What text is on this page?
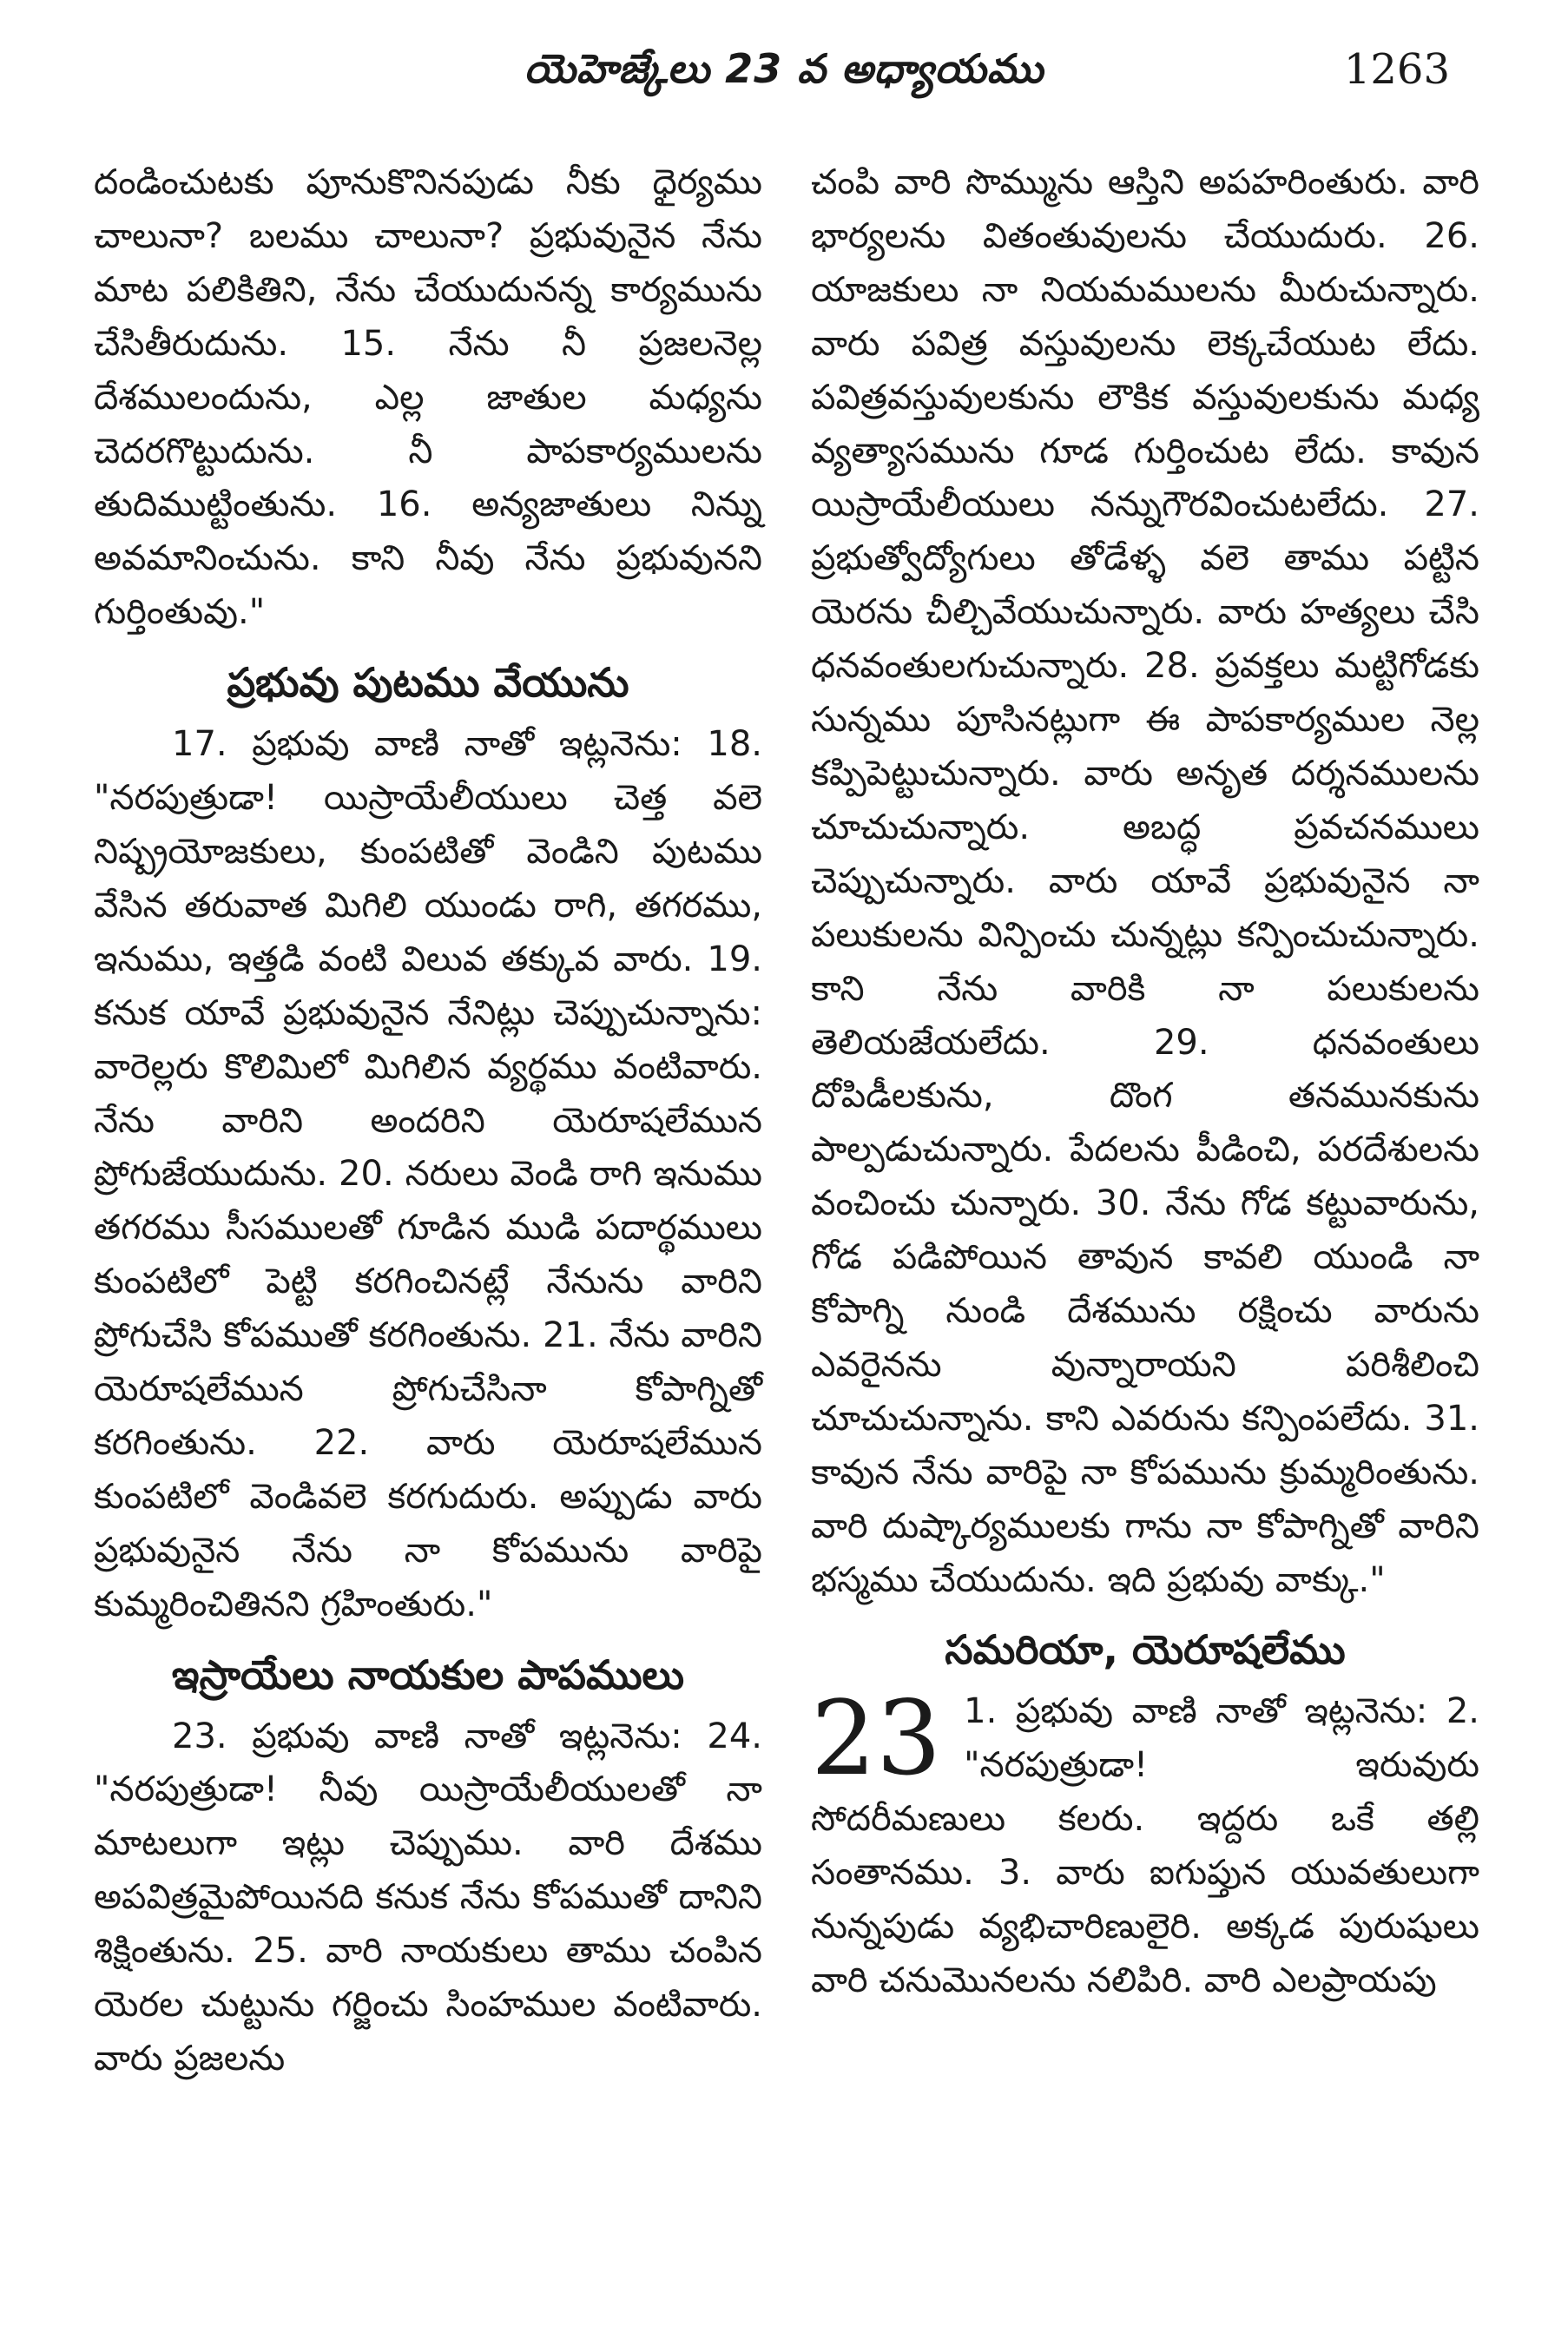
యెహెజ్కేలు 23 వ అధ్యాయము	1263

దండించుటకు పూనుకొనినపుడు నీకు ధైర్యము చాలునా? బలము చాలునా? ప్రభువునైన నేను మాట పలికితిని, నేను చేయుదునన్న కార్యమును చేసితీరుదును. 15. నేను నీ ప్రజలనెల్ల దేశములందును, ఎల్ల జాతుల మధ్యను చెదరగొట్టుదును. నీ పాపకార్యములను తుదిముట్టింతును. 16. అన్యజాతులు నిన్ను అవమానించును. కాని నీవు నేను ప్రభువునని గుర్తింతువు."

ప్రభువు పుటము వేయును

17. ప్రభువు వాణి నాతో ఇట్లనెను: 18. "నరపుత్రుడా! యిస్రాయేలీయులు చెత్త వలె నిష్ప్రయోజకులు, కుంపటితో వెండిని పుటము వేసిన తరువాత మిగిలి యుండు రాగి, తగరము, ఇనుము, ఇత్తడి వంటి విలువ తక్కువ వారు. 19. కనుక యావే ప్రభువునైన నేనిట్లు చెప్పుచున్నాను: వారెల్లరు కొలిమిలో మిగిలిన వ్యర్థము వంటివారు. నేను వారిని అందరిని యెరూషలేమున ప్రోగుజేయుదును. 20. నరులు వెండి రాగి ఇనుము తగరము సీసములతో గూడిన ముడి పదార్థములు కుంపటిలో పెట్టి కరగించినట్లే నేనును వారిని ప్రోగుచేసి కోపముతో కరగింతును. 21. నేను వారిని యెరూషలేమున ప్రోగుచేసినా కోపాగ్నితో కరగింతును. 22. వారు యెరూషలేమున కుంపటిలో వెండివలె కరగుదురు. అప్పుడు వారు ప్రభువునైన నేను నా కోపమును వారిపై కుమ్మరించితినని గ్రహింతురు."

ఇస్రాయేలు నాయకుల పాపములు

23. ప్రభువు వాణి నాతో ఇట్లనెను: 24. "నరపుత్రుడా! నీవు యిస్రాయేలీయులతో నా మాటలుగా ఇట్లు చెప్పుము. వారి దేశము అపవిత్రమైపోయినది కనుక నేను కోపముతో దానిని శిక్షింతును. 25. వారి నాయకులు తాము చంపిన యెరల చుట్టును గర్జించు సింహముల వంటివారు. వారు ప్రజలను

చంపి వారి సొమ్మును ఆస్తిని అపహరింతురు. వారి భార్యలను వితంతువులను చేయుదురు. 26. యాజకులు నా నియమములను మీరుచున్నారు. వారు పవిత్ర వస్తువులను లెక్కచేయుట లేదు. పవిత్రవస్తువులకును లౌకిక వస్తువులకును మధ్య వ్యత్యాసమును గూడ గుర్తించుట లేదు. కావున యిస్రాయేలీయులు నన్నుగౌరవించుటలేదు. 27. ప్రభుత్వోద్యోగులు తోడేళ్ళ వలె తాము పట్టిన యెరను చీల్చివేయుచున్నారు. వారు హత్యలు చేసి ధనవంతులగుచున్నారు. 28. ప్రవక్తలు మట్టిగోడకు సున్నము పూసినట్లుగా ఈ పాపకార్యముల నెల్ల కప్పిపెట్టుచున్నారు. వారు అనృత దర్శనములను చూచుచున్నారు. అబద్ధ ప్రవచనములు చెప్పుచున్నారు. వారు యావే ప్రభువునైన నా పలుకులను విన్పించు చున్నట్లు కన్పించుచున్నారు. కాని నేను వారికి నా పలుకులను తెలియజేయలేదు. 29. ధనవంతులు దోపిడీలకును, దొంగ తనమునకును పాల్పడుచున్నారు. పేదలను పీడించి, పరదేశులను వంచించు చున్నారు. 30. నేను గోడ కట్టువారును, గోడ పడిపోయిన తావున కావలి యుండి నా కోపాగ్ని నుండి దేశమును రక్షించు వారును ఎవరైనను వున్నారాయని పరిశీలించి చూచుచున్నాను. కాని ఎవరును కన్పింపలేదు. 31. కావున నేను వారిపై నా కోపమును క్రుమ్మరింతును. వారి దుష్కార్యములకు గాను నా కోపాగ్నితో వారిని భస్మము చేయుదును. ఇది ప్రభువు వాక్కు."

సమరియా, యెరూషలేము
23 1. ప్రభువు వాణి నాతో ఇట్లనెను: 2. "నరపుత్రుడా! ఇరువురు సోదరీమణులు కలరు. ఇద్దరు ఒకే తల్లి సంతానము. 3. వారు ఐగుప్తున యువతులుగా నున్నపుడు వ్యభిచారిణులైరి. అక్కడ పురుషులు వారి చనుమొనలను నలిపిరి. వారి ఎలప్రాయపు
